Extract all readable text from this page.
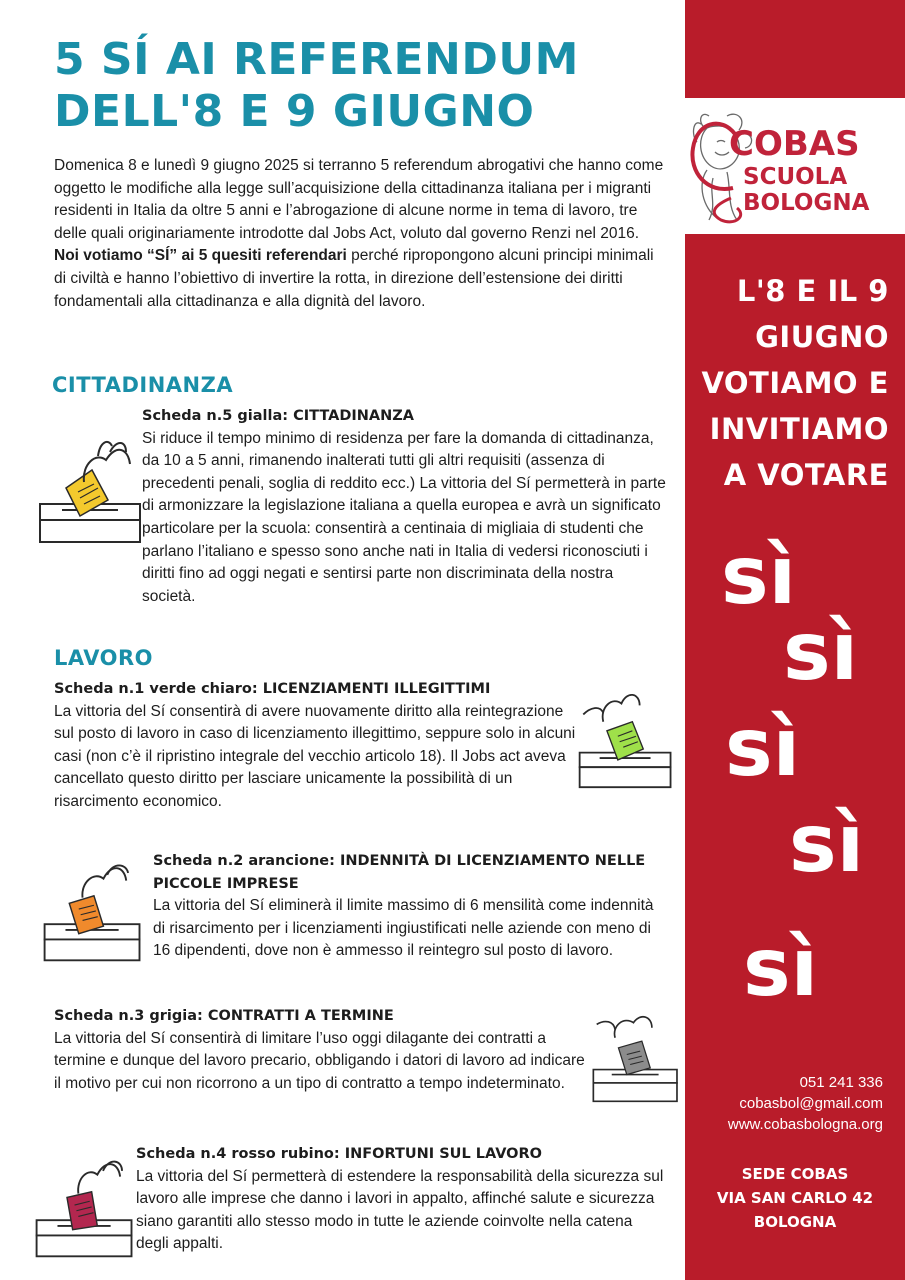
5 SÍ AI REFERENDUM
DELL'8 E 9 GIUGNO
Domenica 8 e lunedì 9 giugno 2025 si terranno 5 referendum abrogativi che hanno come oggetto le modifiche alla legge sull’acquisizione della cittadinanza italiana per i migranti residenti in Italia da oltre 5 anni e l’abrogazione di alcune norme in tema di lavoro, tre delle quali originariamente introdotte dal Jobs Act, voluto dal governo Renzi nel 2016. Noi votiamo “SÍ” ai 5 quesiti referendari perché ripropongono alcuni principi minimali di civiltà e hanno l’obiettivo di invertire la rotta, in direzione dell’estensione dei diritti fondamentali alla cittadinanza e alla dignità del lavoro.
CITTADINANZA
Scheda n.5 gialla: CITTADINANZA
Si riduce il tempo minimo di residenza per fare la domanda di cittadinanza, da 10 a 5 anni, rimanendo inalterati tutti gli altri requisiti (assenza di precedenti penali, soglia di reddito ecc.) La vittoria del Sí permetterà in parte di armonizzare la legislazione italiana a quella europea e avrà un significato particolare per la scuola: consentirà a centinaia di migliaia di studenti che parlano l’italiano e spesso sono anche nati in Italia di vedersi riconosciuti i diritti fino ad oggi negati e sentirsi parte non discriminata della nostra società.
LAVORO
Scheda n.1 verde chiaro: LICENZIAMENTI ILLEGITTIMI
La vittoria del Sí consentirà di avere nuovamente diritto alla reintegrazione sul posto di lavoro in caso di licenziamento illegittimo, seppure solo in alcuni casi (non c’è il ripristino integrale del vecchio articolo 18). Il Jobs act aveva cancellato questo diritto per lasciare unicamente la possibilità di un risarcimento economico.
Scheda n.2 arancione: INDENNITÀ DI LICENZIAMENTO NELLE PICCOLE IMPRESE
La vittoria del Sí eliminerà il limite massimo di 6 mensilità come indennità di risarcimento per i licenziamenti ingiustificati nelle aziende con meno di 16 dipendenti, dove non è ammesso il reintegro sul posto di lavoro.
Scheda n.3 grigia: CONTRATTI A TERMINE
La vittoria del Sí consentirà di limitare l’uso oggi dilagante dei contratti a termine e dunque del lavoro precario, obbligando i datori di lavoro ad indicare il motivo per cui non ricorrono a un tipo di contratto a tempo indeterminato.
Scheda n.4 rosso rubino: INFORTUNI SUL LAVORO
La vittoria del Sí permetterà di estendere la responsabilità della sicurezza sul lavoro alle imprese che danno i lavori in appalto, affinché salute e sicurezza siano garantiti allo stesso modo in tutte le aziende coinvolte nella catena degli appalti.
COBAS
SCUOLA
BOLOGNA
L'8 E IL 9
GIUGNO
VOTIAMO E
INVITIAMO
A VOTARE
sì
sì
sì
sì
sì
051 241 336
cobasbol@gmail.com
www.cobasbologna.org
SEDE COBAS
VIA SAN CARLO 42
BOLOGNA
